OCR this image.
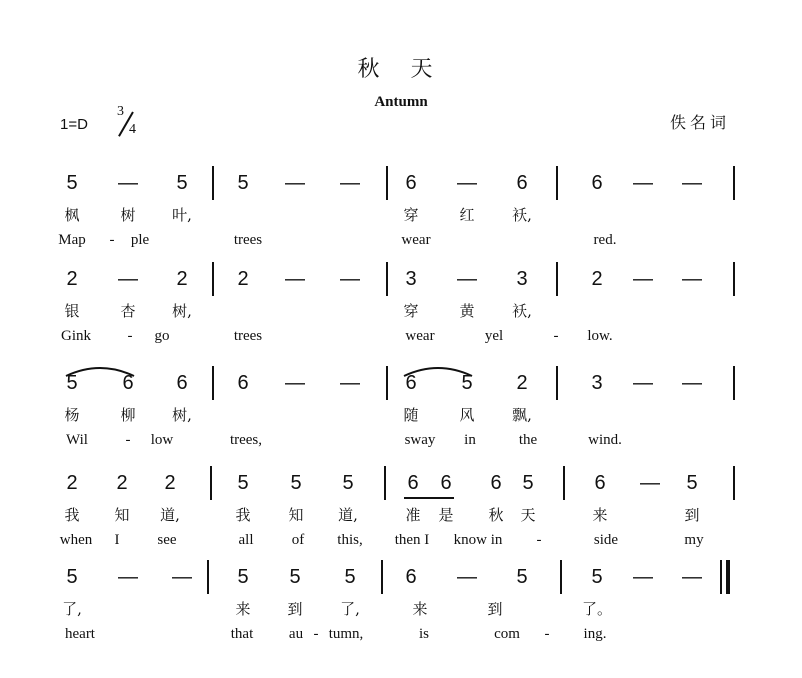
秋 天
Antumn
1=D
3
4	佚名词
5	—	5	5	— —	6	—	6	6	— —
枫	树	叶,	穿	红	袄,
Map	-	ple	trees	wear	red.
2	—	2	2	— —	3	—	3	2	— —
银	杏	树,	穿	黄	袄,
Gink	-	go	trees	wear	yel	-	low.
5	6	6	6	— —	6	5	2	3	— —
杨	柳	树,	随	风	飘,
Wil	-	low	trees,	sway	in	the	wind.
2	2	2	5	5	5	6	6	6	5	6	—	5
我	知	道,	我	知	道,	准	是	秋	天	来	到
when	I	see	all	of	this,	then I	know in	-	side	my
5	— —	5	5	5	6	—	5	5	— —
了,	来	到	了,	来	到	了。
heart	that	au - tumn,	is	com	-	ing.
